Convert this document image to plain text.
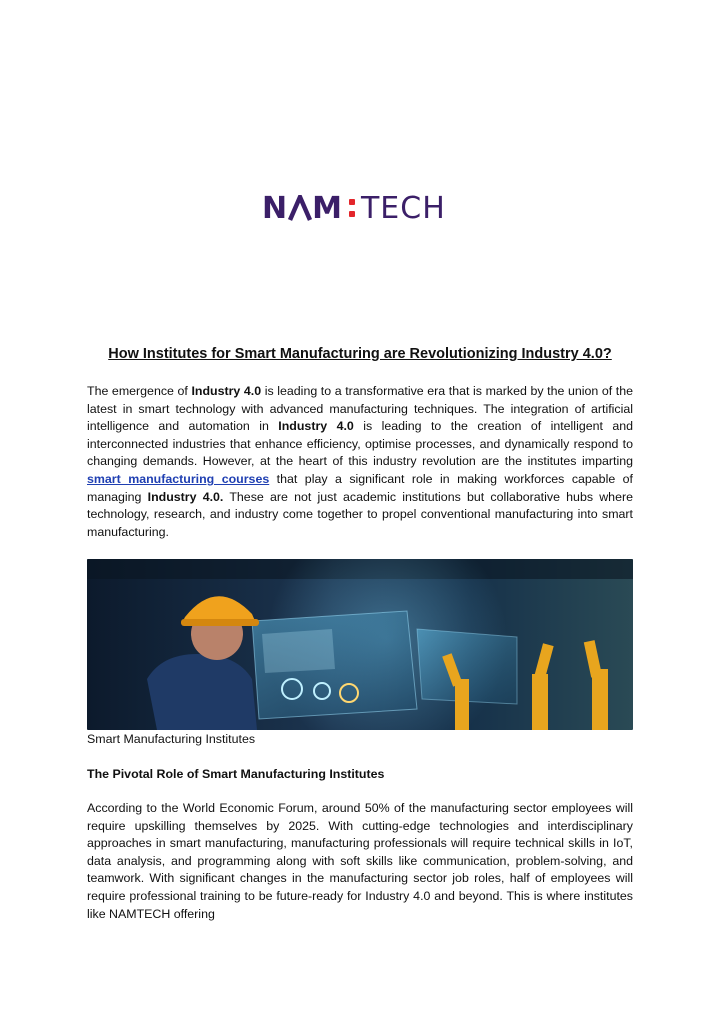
N M TECH
How Institutes for Smart Manufacturing are Revolutionizing Industry 4.0?
The emergence of Industry 4.0 is leading to a transformative era that is marked by the union of the latest in smart technology with advanced manufacturing techniques. The integration of artificial intelligence and automation in Industry 4.0 is leading to the creation of intelligent and interconnected industries that enhance efficiency, optimise processes, and dynamically respond to changing demands. However, at the heart of this industry revolution are the institutes imparting smart manufacturing courses that play a significant role in making workforces capable of managing Industry 4.0. These are not just academic institutions but collaborative hubs where technology, research, and industry come together to propel conventional manufacturing into smart manufacturing.
Smart Manufacturing Institutes
The Pivotal Role of Smart Manufacturing Institutes
According to the World Economic Forum, around 50% of the manufacturing sector employees will require upskilling themselves by 2025. With cutting-edge technologies and interdisciplinary approaches in smart manufacturing, manufacturing professionals will require technical skills in IoT, data analysis, and programming along with soft skills like communication, problem-solving, and teamwork. With significant changes in the manufacturing sector job roles, half of employees will require professional training to be future-ready for Industry 4.0 and beyond. This is where institutes like NAMTECH offering
